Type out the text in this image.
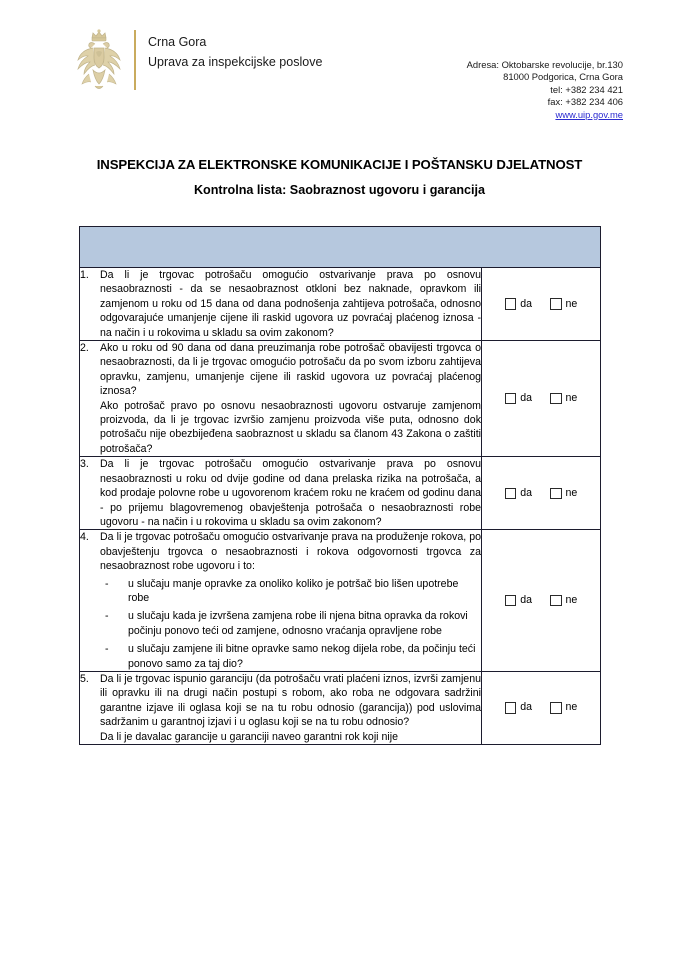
Crna Gora
Uprava za inspekcijske poslove	Adresa: Oktobarske revolucije, br.130
81000 Podgorica, Crna Gora
tel: +382 234 421
fax: +382 234 406
www.uip.gov.me
INSPEKCIJA ZA ELEKTRONSKE KOMUNIKACIJE I POŠTANSKU DJELATNOST
Kontrolna lista: Saobraznost ugovoru i garancija

1.	Da li je trgovac potrošaču omogućio ostvarivanje prava po osnovu nesaobraznosti - da se nesaobraznost otkloni bez naknade, opravkom ili zamjenom u roku od 15 dana od dana podnošenja zahtijeva potrošača, odnosno odgovarajuće umanjenje cijene ili raskid ugovora uz povraćaj plaćenog iznosa - na način i u rokovima u skladu sa ovim zakonom?

da	ne

2.	Ako u roku od 90 dana od dana preuzimanja robe potrošač obavijesti trgovca o nesaobraznosti, da li je trgovac omogućio potrošaču da po svom izboru zahtijeva opravku, zamjenu, umanjenje cijene ili raskid ugovora uz povraćaj plaćenog iznosa?

Ako potrošač pravo po osnovu nesaobraznosti ugovoru ostvaruje zamjenom proizvoda, da li je trgovac izvršio zamjenu proizvoda više puta, odnosno dok potrošaču nije obezbijeđena saobraznost u skladu sa članom 43 Zakona o zaštiti potrošača?

da	ne

3.	Da li je trgovac potrošaču omogućio ostvarivanje prava po osnovu nesaobraznosti u roku od dvije godine od dana prelaska rizika na potrošača, a kod prodaje polovne robe u ugovorenom kraćem roku ne kraćem od godinu dana - po prijemu blagovremenog obavještenja potrošača o nesaobraznosti robe ugovoru - na način i u rokovima u skladu sa ovim zakonom?

da	ne

4.	Da li je trgovac potrošaču omogućio ostvarivanje prava na produženje rokova, po obavještenju trgovca o nesaobraznosti i rokova odgovornosti trgovca za nesaobraznost robe ugovoru i to:

-	u slučaju manje opravke za onoliko koliko je potršač bio lišen upotrebe robe
-	u slučaju kada je izvršena zamjena robe ili njena bitna opravka da rokovi počinju ponovo teći od zamjene, odnosno vraćanja opravljene robe
-	u slučaju zamjene ili bitne opravke samo nekog dijela robe, da počinju teći ponovo samo za taj dio?

da	ne

5.	Da li je trgovac ispunio garanciju (da potrošaču vrati plaćeni iznos, izvrši zamjenu ili opravku ili na drugi način postupi s robom, ako roba ne odgovara sadržini garantne izjave ili oglasa koji se na tu robu odnosio (garancija)) pod uslovima sadržanim u garantnoj izjavi i u oglasu koji se na tu robu odnosio?

Da li je davalac garancije u garanciji naveo garantni rok koji nije

da	ne
